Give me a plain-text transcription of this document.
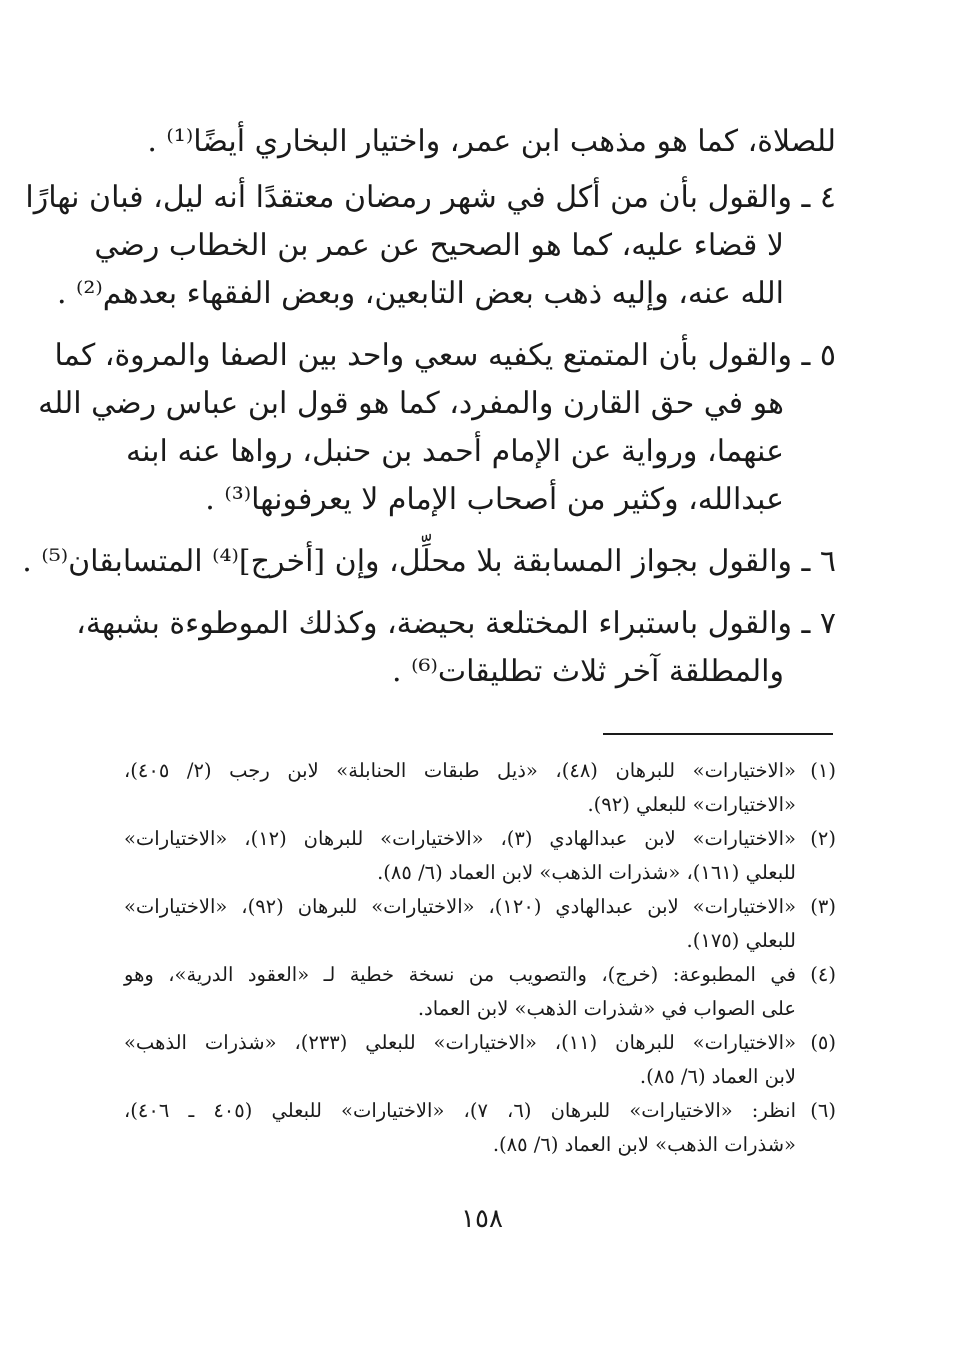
للصلاة، كما هو مذهب ابن عمر، واختيار البخاري أيضًا⁽¹⁾ .
٤ ـ والقول بأن من أكل في شهر رمضان معتقدًا أنه ليل، فبان نهارًا
لا قضاء عليه، كما هو الصحيح عن عمر بن الخطاب رضي
الله عنه، وإليه ذهب بعض التابعين، وبعض الفقهاء بعدهم⁽²⁾ .
٥ ـ والقول بأن المتمتع يكفيه سعي واحد بين الصفا والمروة، كما
هو في حق القارن والمفرد، كما هو قول ابن عباس رضي الله
عنهما، ورواية عن الإمام أحمد بن حنبل، رواها عنه ابنه
عبدالله، وكثير من أصحاب الإمام لا يعرفونها⁽³⁾ .
٦ ـ والقول بجواز المسابقة بلا محلِّل، وإن [أخرج]⁽⁴⁾ المتسابقان⁽⁵⁾ .
٧ ـ والقول باستبراء المختلعة بحيضة، وكذلك الموطوءة بشبهة،
والمطلقة آخر ثلاث تطليقات⁽⁶⁾ .
(١)«الاختيارات» للبرهان (٤٨)، «ذيل طبقات الحنابلة» لابن رجب (٢/ ٤٠٥)،
«الاختيارات» للبعلي (٩٢).
(٢)«الاختيارات» لابن عبدالهادي (٣)، «الاختيارات» للبرهان (١٢)، «الاختيارات»
للبعلي (١٦١)، «شذرات الذهب» لابن العماد (٦/ ٨٥).
(٣)«الاختيارات» لابن عبدالهادي (١٢٠)، «الاختيارات» للبرهان (٩٢)، «الاختيارات»
للبعلي (١٧٥).
(٤)في المطبوعة: (خرج)، والتصويب من نسخة خطية لـ «العقود الدرية»، وهو
على الصواب في «شذرات الذهب» لابن العماد.
(٥)«الاختيارات» للبرهان (١١)، «الاختيارات» للبعلي (٢٣٣)، «شذرات الذهب»
لابن العماد (٦/ ٨٥).
(٦)انظر: «الاختيارات» للبرهان (٦، ٧)، «الاختيارات» للبعلي (٤٠٥ ـ ٤٠٦)،
«شذرات الذهب» لابن العماد (٦/ ٨٥).
١٥٨
